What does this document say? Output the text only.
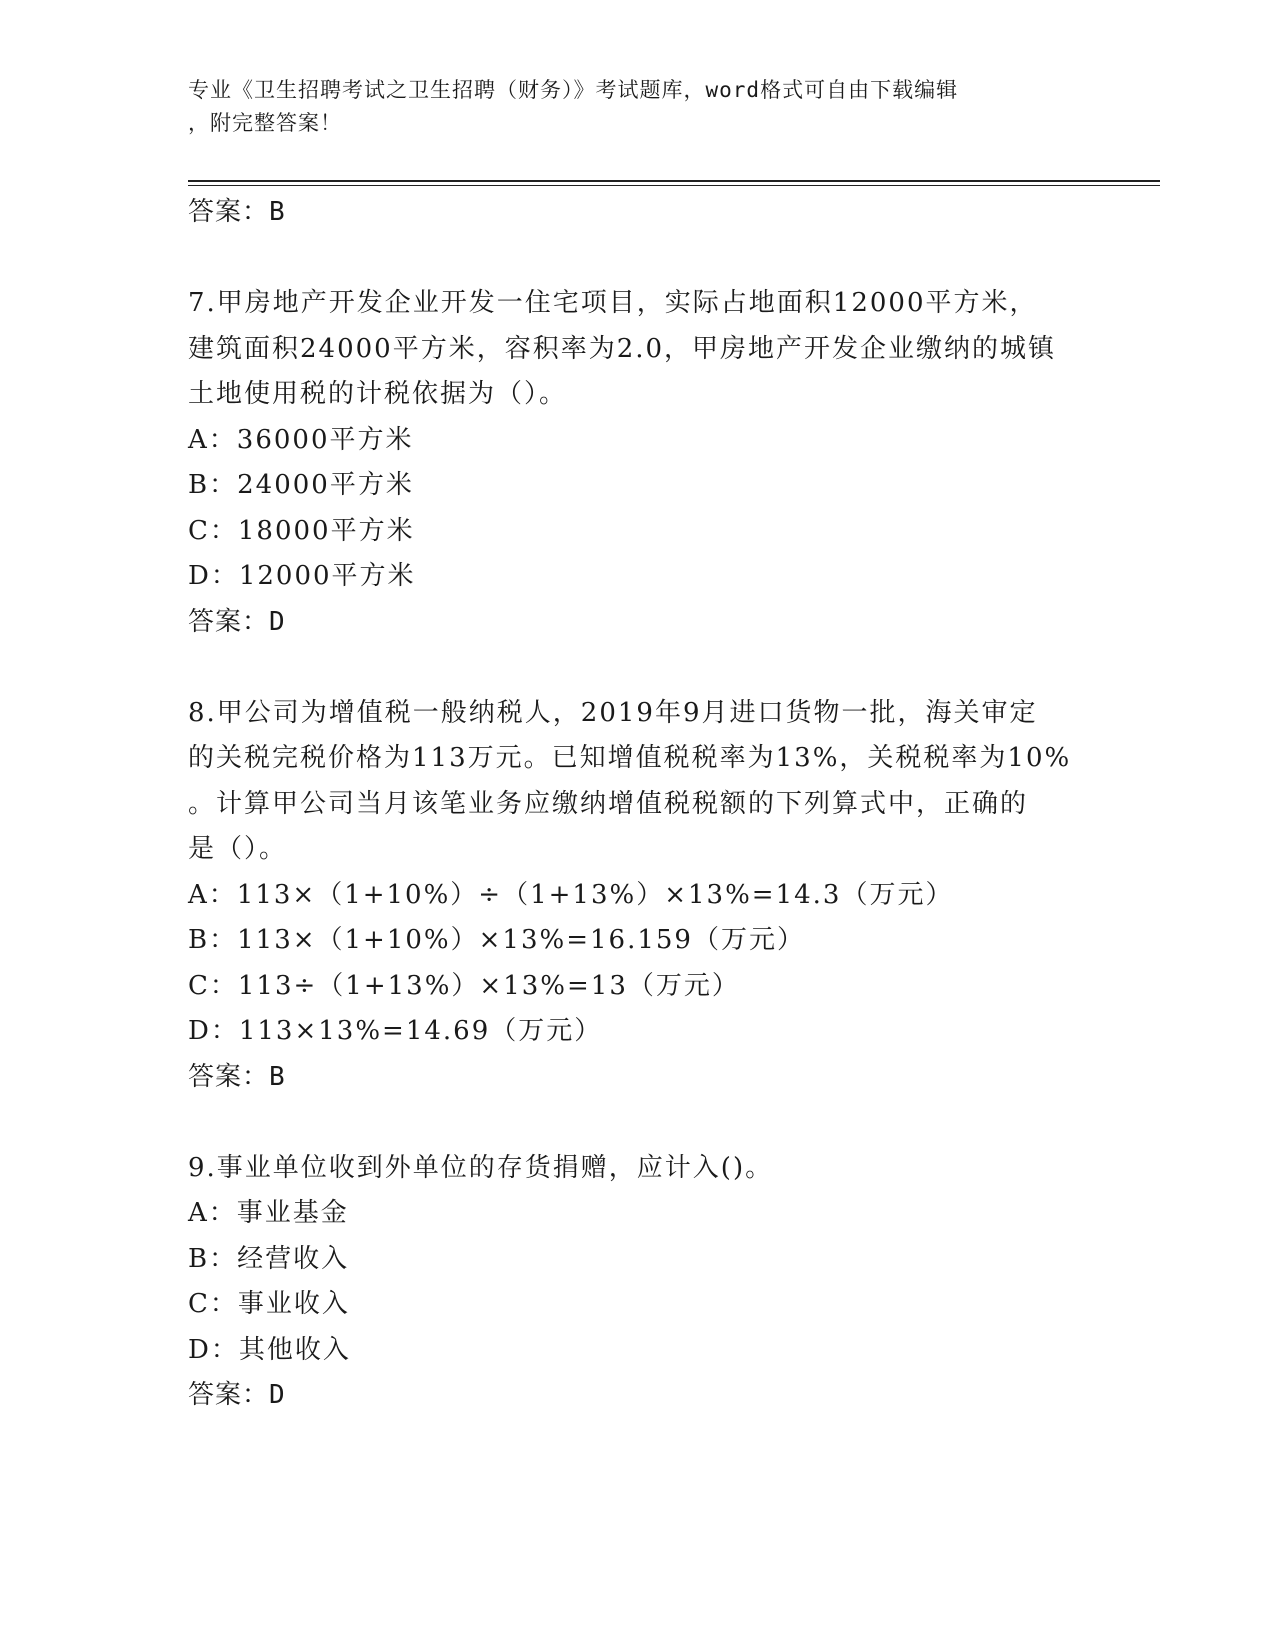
专业《卫生招聘考试之卫生招聘（财务）》考试题库，word格式可自由下载编辑
，附完整答案！
答案：B
7.甲房地产开发企业开发一住宅项目，实际占地面积12000平方米，
建筑面积24000平方米，容积率为2.0，甲房地产开发企业缴纳的城镇
土地使用税的计税依据为（）。
A：36000平方米
B：24000平方米
C：18000平方米
D：12000平方米
答案：D
8.甲公司为增值税一般纳税人，2019年9月进口货物一批，海关审定
的关税完税价格为113万元。已知增值税税率为13%，关税税率为10%
。计算甲公司当月该笔业务应缴纳增值税税额的下列算式中，正确的
是（）。
A：113×（1+10%）÷（1+13%）×13%=14.3（万元）
B：113×（1+10%）×13%=16.159（万元）
C：113÷（1+13%）×13%=13（万元）
D：113×13%=14.69（万元）
答案：B
9.事业单位收到外单位的存货捐赠，应计入()。
A：事业基金
B：经营收入
C：事业收入
D：其他收入
答案：D
